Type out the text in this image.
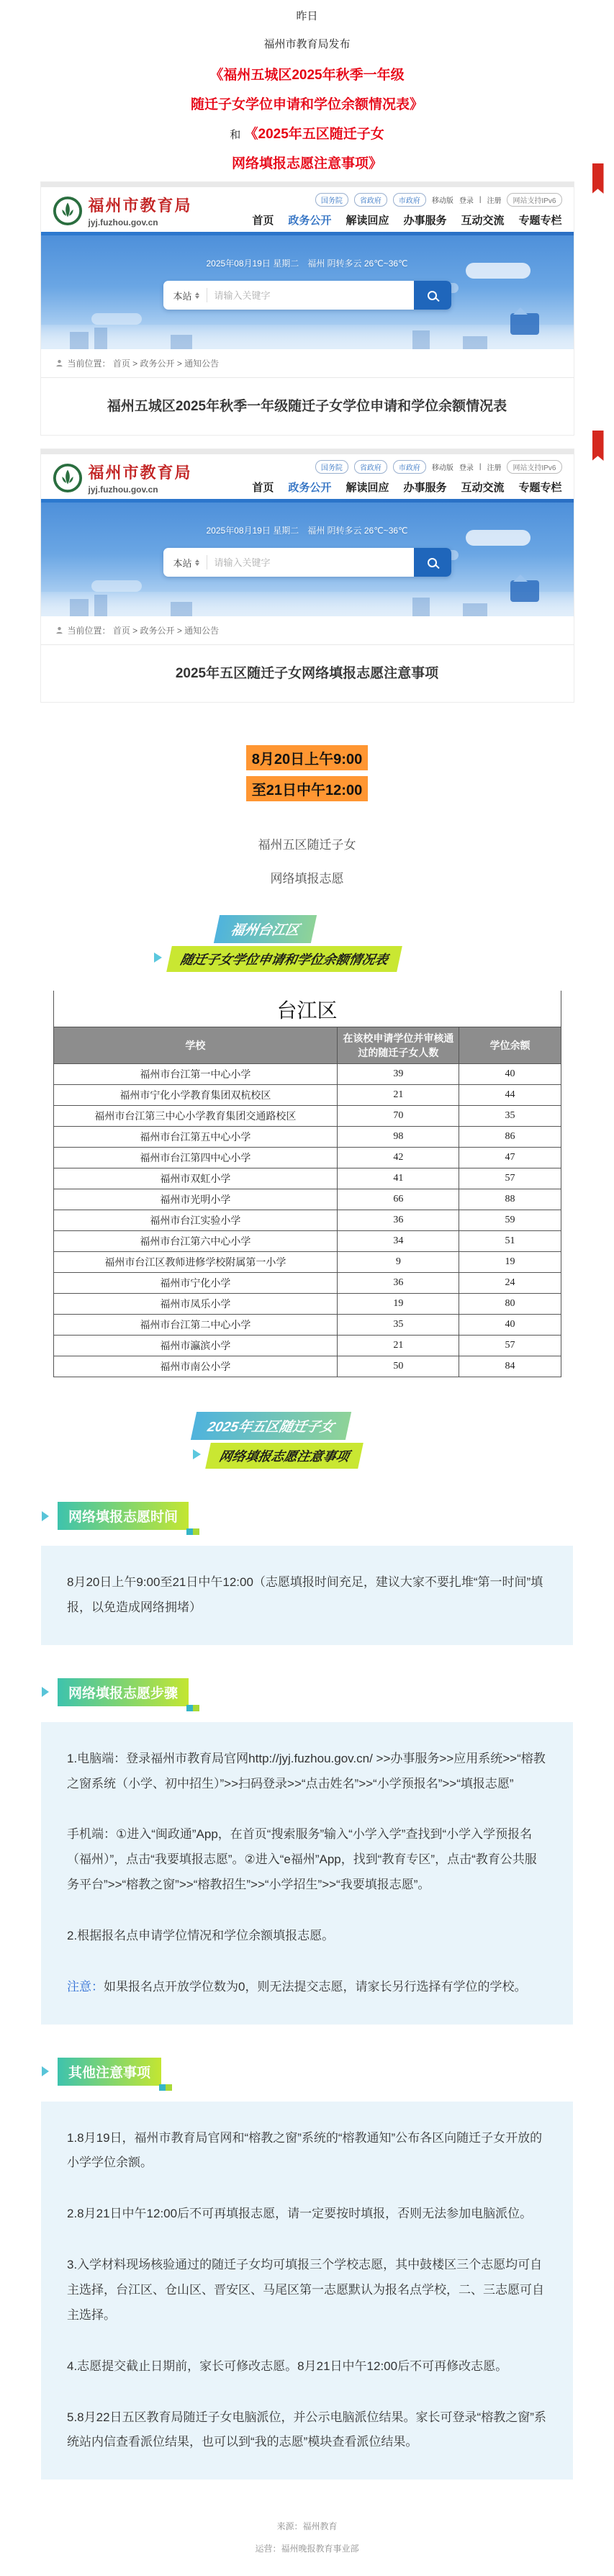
昨日
福州市教育局发布
《福州五城区2025年秋季一年级
随迁子女学位申请和学位余额情况表》
和 《2025年五区随迁子女
网络填报志愿注意事项》
福州市教育局
jyj.fuzhou.gov.cn
国务院	省政府	市政府	移动版 登录 | 注册	网站支持IPv6
首页 政务公开 解读回应 办事服务 互动交流 专题专栏
2025年08月19日 星期二　福州 阴转多云 26℃~36℃
本站
请输入关键字
当前位置： 首页 > 政务公开 > 通知公告
福州五城区2025年秋季一年级随迁子女学位申请和学位余额情况表
福州市教育局
jyj.fuzhou.gov.cn
国务院	省政府	市政府	移动版 登录 | 注册	网站支持IPv6
首页 政务公开 解读回应 办事服务 互动交流 专题专栏
2025年08月19日 星期二　福州 阴转多云 26℃~36℃
本站
请输入关键字
当前位置： 首页 > 政务公开 > 通知公告
2025年五区随迁子女网络填报志愿注意事项
8月20日上午9:00
至21日中午12:00
福州五区随迁子女
网络填报志愿
福州台江区
随迁子女学位申请和学位余额情况表
台江区
学校	在该校申请学位并审核通过的随迁子女人数	学位余额
福州市台江第一中心小学	39	40
福州市宁化小学教育集团双杭校区	21	44
福州市台江第三中心小学教育集团交通路校区	70	35
福州市台江第五中心小学	98	86
福州市台江第四中心小学	42	47
福州市双虹小学	41	57
福州市光明小学	66	88
福州市台江实验小学	36	59
福州市台江第六中心小学	34	51
福州市台江区教师进修学校附属第一小学	9	19
福州市宁化小学	36	24
福州市凤乐小学	19	80
福州市台江第二中心小学	35	40
福州市瀛滨小学	21	57
福州市南公小学	50	84
2025年五区随迁子女
网络填报志愿注意事项
网络填报志愿时间
8月20日上午9:00至21日中午12:00（志愿填报时间充足，建议大家不要扎堆“第一时间”填报，以免造成网络拥堵）
网络填报志愿步骤
1.电脑端：登录福州市教育局官网http://jyj.fuzhou.gov.cn/ >>办事服务>>应用系统>>“榕教之窗系统（小学、初中招生）”>>扫码登录>>“点击姓名”>>“小学预报名”>>“填报志愿”
手机端：①进入“闽政通”App，在首页“搜索服务”输入“小学入学”查找到“小学入学预报名（福州）”，点击“我要填报志愿”。②进入“e福州”App，找到“教育专区”，点击“教育公共服务平台”>>“榕教之窗”>>“榕教招生”>>“小学招生”>>“我要填报志愿”。
2.根据报名点申请学位情况和学位余额填报志愿。
注意：如果报名点开放学位数为0，则无法提交志愿，请家长另行选择有学位的学校。
其他注意事项
1.8月19日，福州市教育局官网和“榕教之窗”系统的“榕教通知”公布各区向随迁子女开放的小学学位余额。
2.8月21日中午12:00后不可再填报志愿，请一定要按时填报，否则无法参加电脑派位。
3.入学材料现场核验通过的随迁子女均可填报三个学校志愿，其中鼓楼区三个志愿均可自主选择，台江区、仓山区、晋安区、马尾区第一志愿默认为报名点学校，二、三志愿可自主选择。
4.志愿提交截止日期前，家长可修改志愿。8月21日中午12:00后不可再修改志愿。
5.8月22日五区教育局随迁子女电脑派位，并公示电脑派位结果。家长可登录“榕教之窗”系统站内信查看派位结果，也可以到“我的志愿”模块查看派位结果。
来源：福州教育
运营：福州晚报教育事业部
